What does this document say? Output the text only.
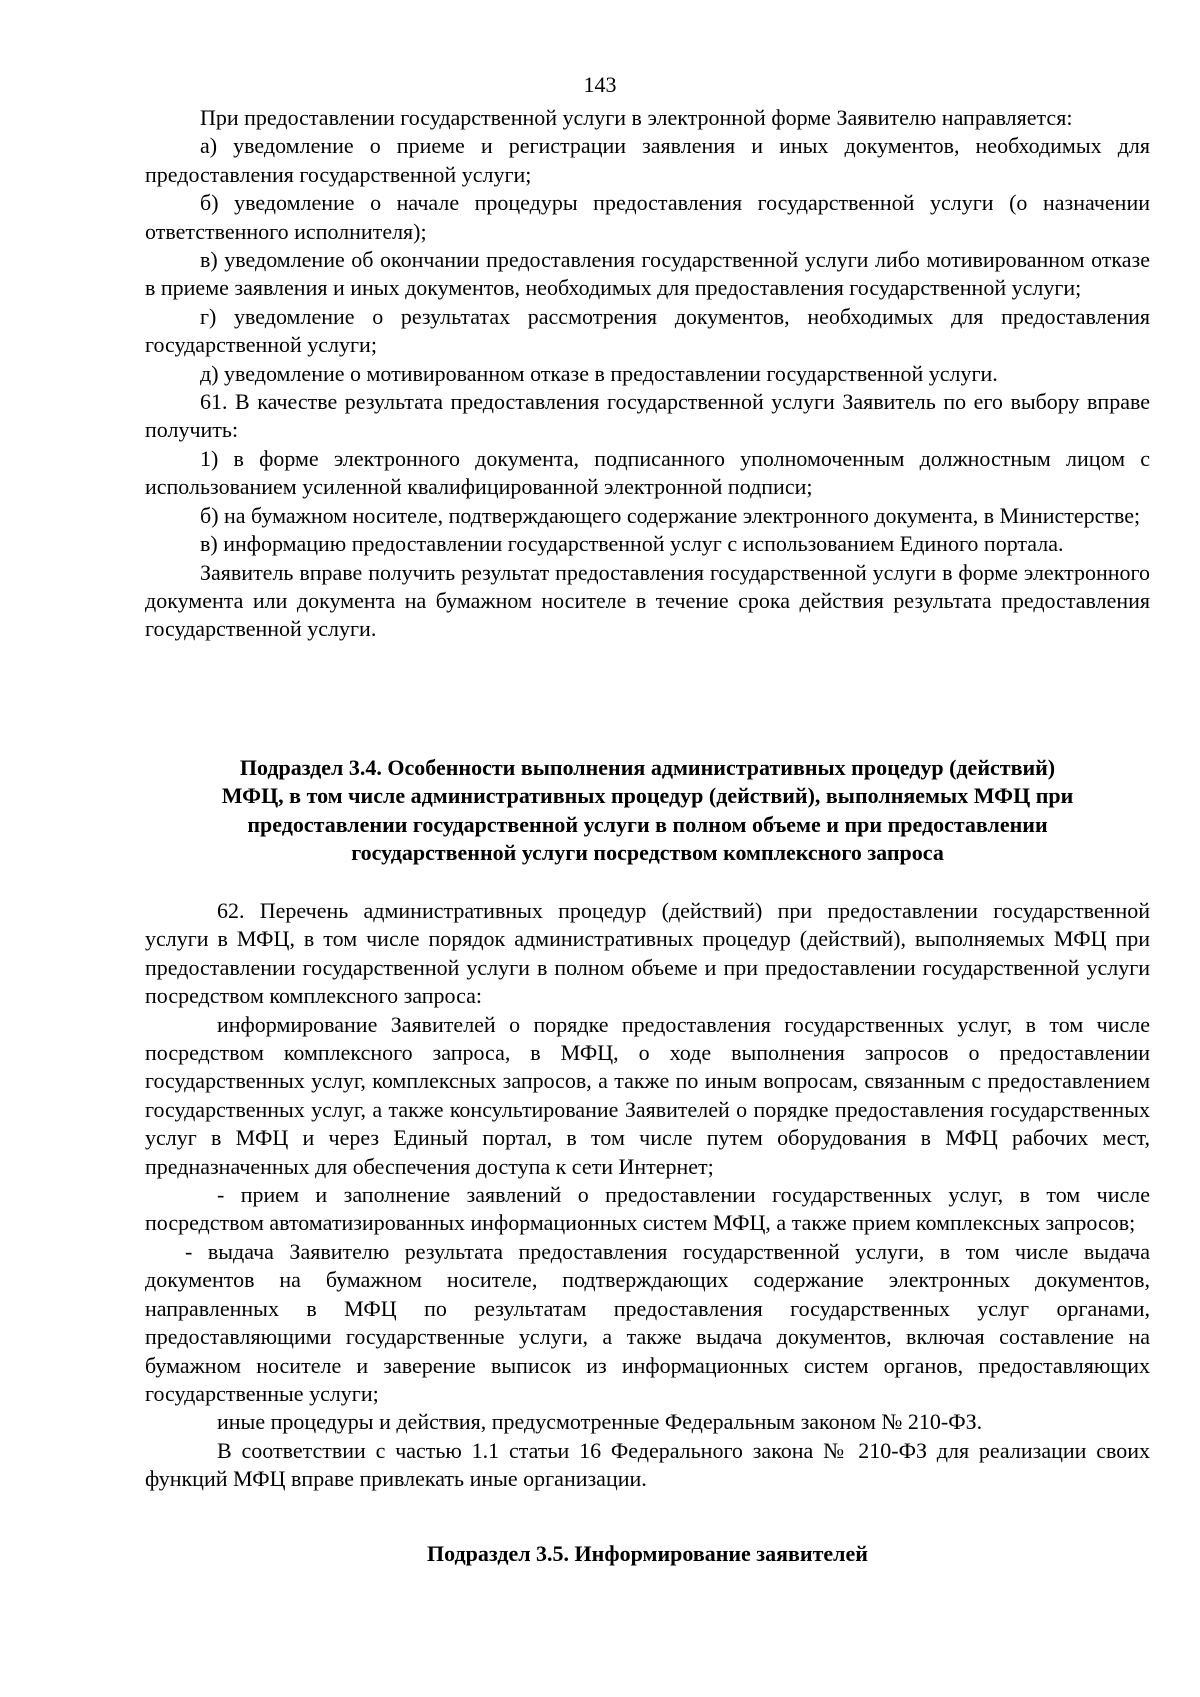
143

При предоставлении государственной услуги в электронной форме Заявителю направляется:

а) уведомление о приеме и регистрации заявления и иных документов, необходимых для предоставления государственной услуги;

б) уведомление о начале процедуры предоставления государственной услуги (о назначении ответственного исполнителя);

в) уведомление об окончании предоставления государственной услуги либо мотивированном отказе в приеме заявления и иных документов, необходимых для предоставления государственной услуги;

г) уведомление о результатах рассмотрения документов, необходимых для предоставления государственной услуги;

д) уведомление о мотивированном отказе в предоставлении государственной услуги.

61. В качестве результата предоставления государственной услуги Заявитель по его выбору вправе получить:

1) в форме электронного документа, подписанного уполномоченным должностным лицом с использованием усиленной квалифицированной электронной подписи;

б) на бумажном носителе, подтверждающего содержание электронного документа, в Министерстве;

в) информацию предоставлении государственной услуг с использованием Единого портала.

Заявитель вправе получить результат предоставления государственной услуги в форме электронного документа или документа на бумажном носителе в течение срока действия результата предоставления государственной услуги.

Подраздел 3.4. Особенности выполнения административных процедур (действий)
МФЦ, в том числе административных процедур (действий), выполняемых МФЦ при
предоставлении государственной услуги в полном объеме и при предоставлении
государственной услуги посредством комплексного запроса

62. Перечень административных процедур (действий) при предоставлении государственной услуги в МФЦ, в том числе порядок административных процедур (действий), выполняемых МФЦ при предоставлении государственной услуги в полном объеме и при предоставлении государственной услуги посредством комплексного запроса:

информирование Заявителей о порядке предоставления государственных услуг, в том числе посредством комплексного запроса, в МФЦ, о ходе выполнения запросов о предоставлении государственных услуг, комплексных запросов, а также по иным вопросам, связанным с предоставлением государственных услуг, а также консультирование Заявителей о порядке предоставления государственных услуг в МФЦ и через Единый портал, в том числе путем оборудования в МФЦ рабочих мест, предназначенных для обеспечения доступа к сети Интернет;

- прием и заполнение заявлений о предоставлении государственных услуг, в том числе посредством автоматизированных информационных систем МФЦ, а также прием комплексных запросов;

- выдача Заявителю результата предоставления государственной услуги, в том числе выдача документов на бумажном носителе, подтверждающих содержание электронных документов, направленных в МФЦ по результатам предоставления государственных услуг органами, предоставляющими государственные услуги, а также выдача документов, включая составление на бумажном носителе и заверение выписок из информационных систем органов, предоставляющих государственные услуги;

иные процедуры и действия, предусмотренные Федеральным законом № 210-ФЗ.

В соответствии с частью 1.1 статьи 16 Федерального закона № 210-ФЗ для реализации своих функций МФЦ вправе привлекать иные организации.

Подраздел 3.5. Информирование заявителей
